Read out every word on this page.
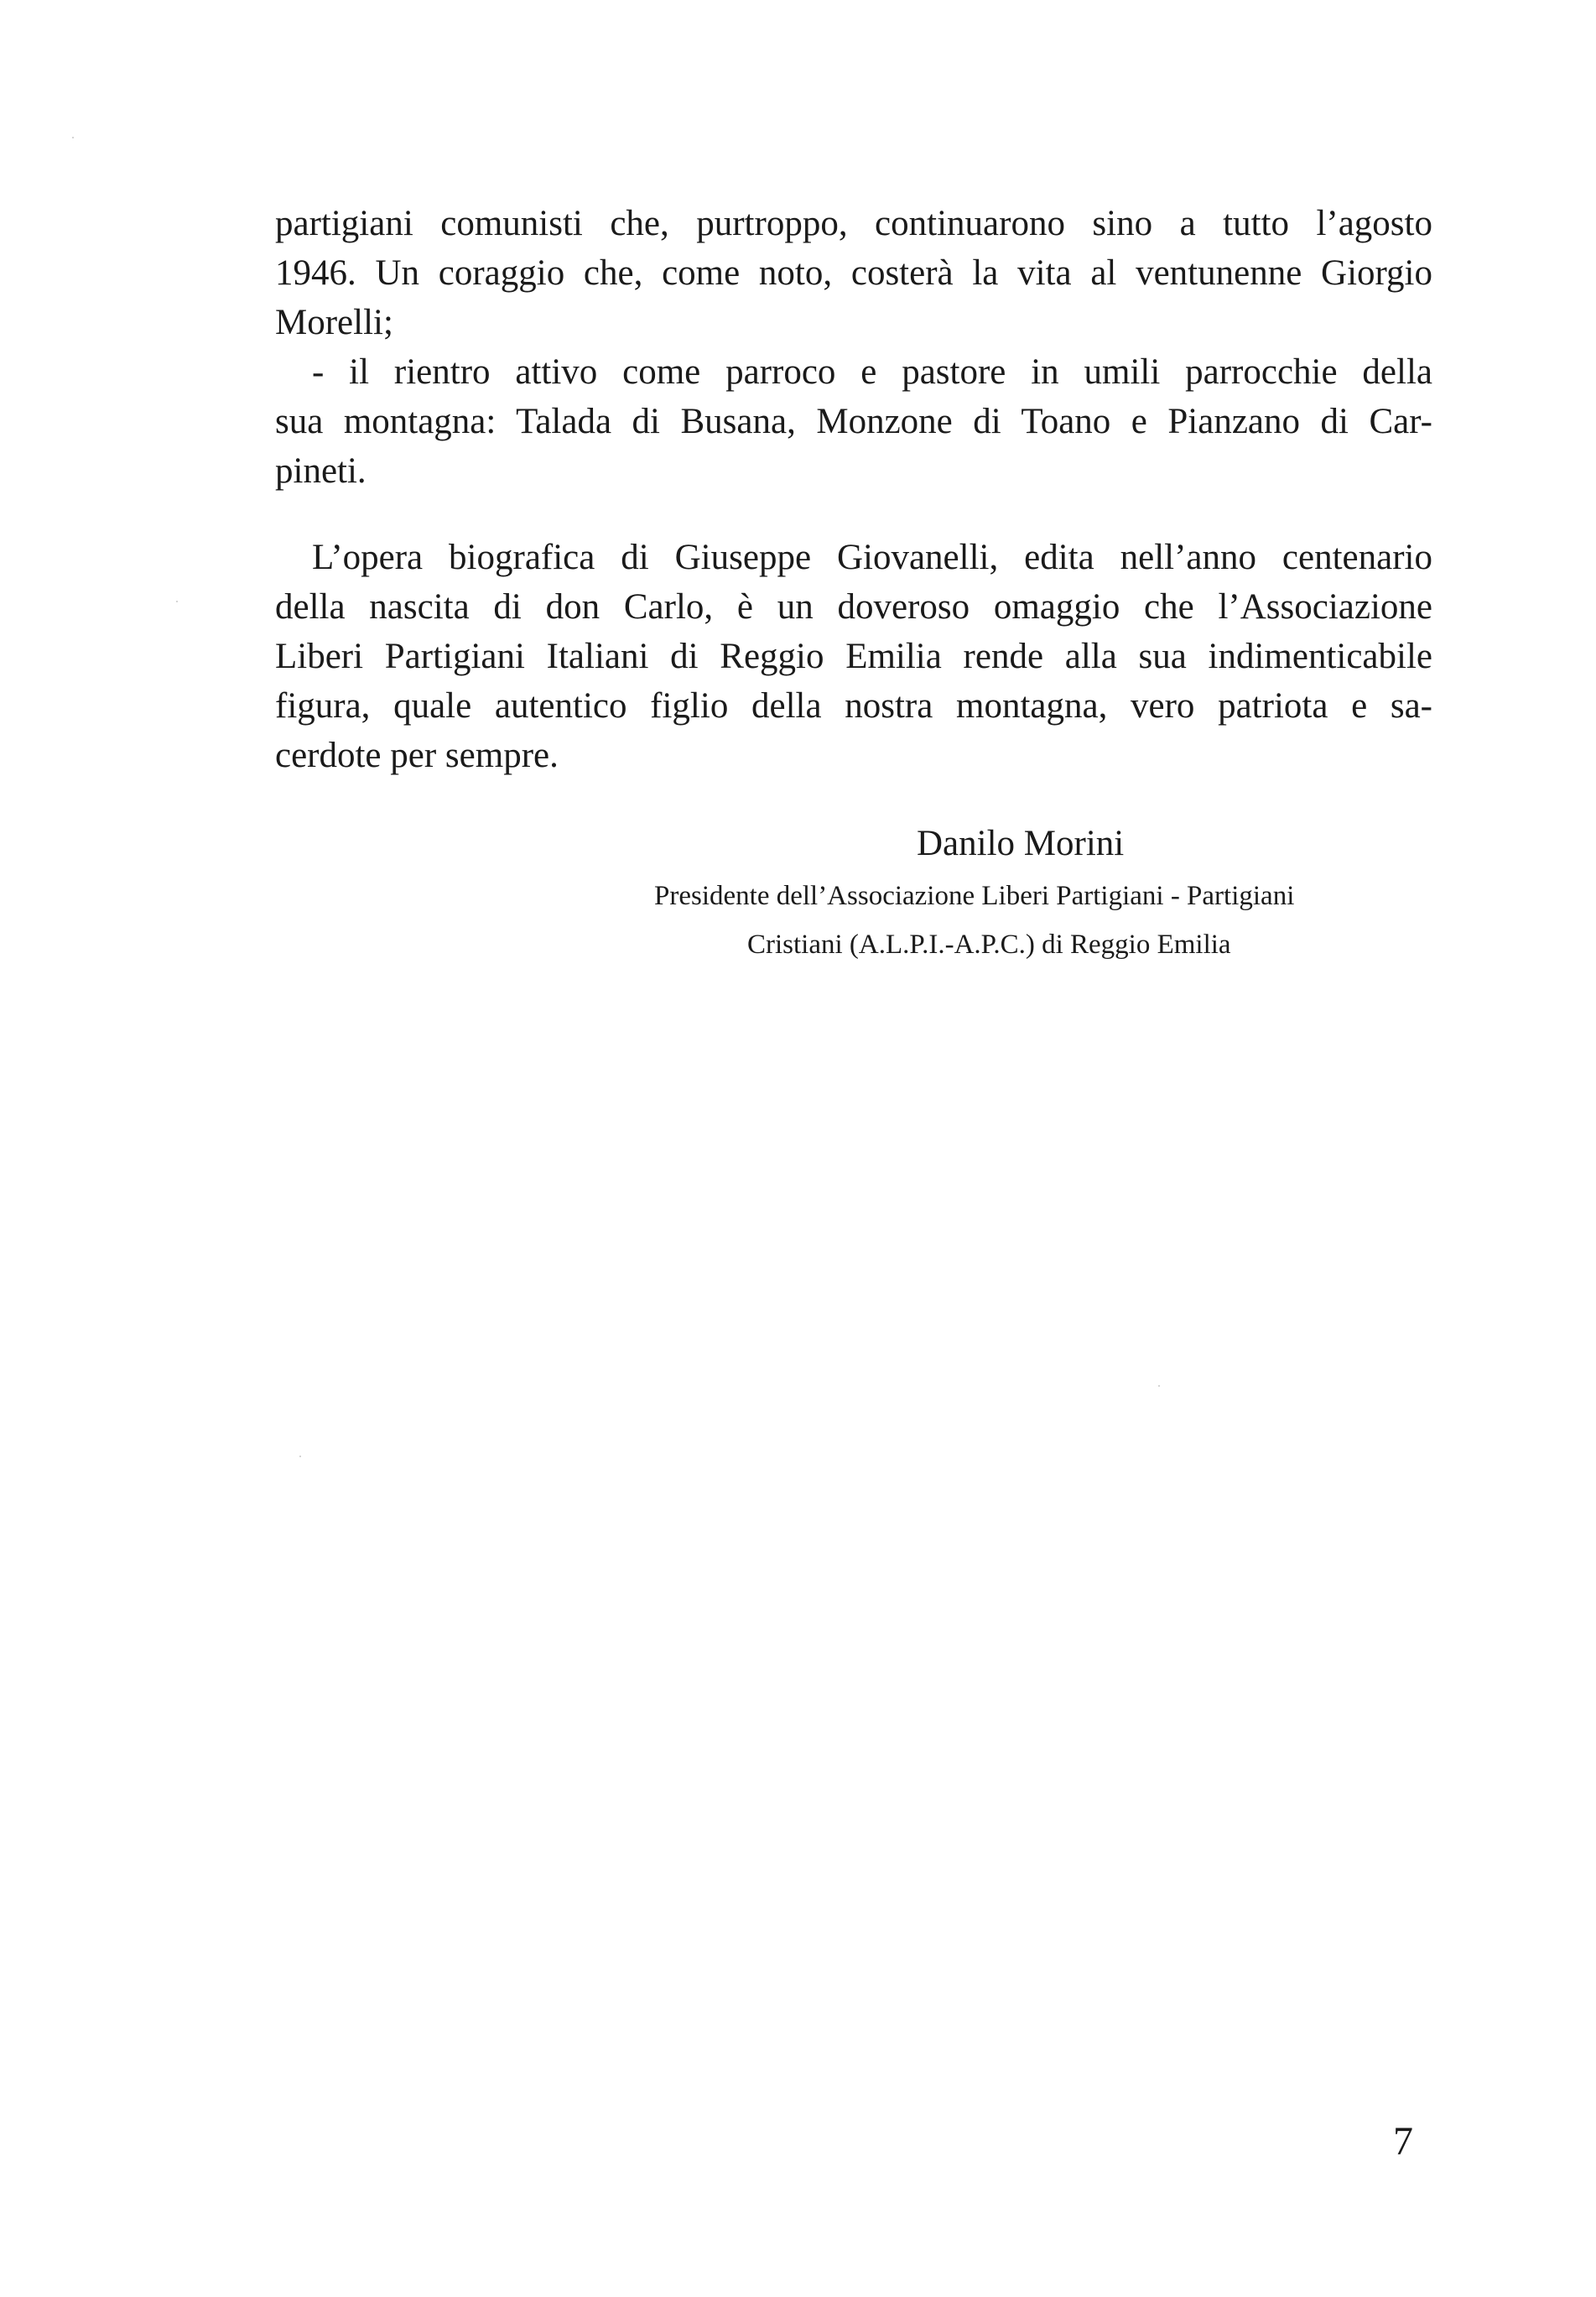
partigiani comunisti che, purtroppo, continuarono sino a tutto l’agosto
1946. Un coraggio che, come noto, costerà la vita al ventunenne Giorgio
Morelli;
- il rientro attivo come parroco e pastore in umili parrocchie della
sua montagna: Talada di Busana, Monzone di Toano e Pianzano di Car-
pineti.
L’opera biografica di Giuseppe Giovanelli, edita nell’anno centenario
della nascita di don Carlo, è un doveroso omaggio che l’Associazione
Liberi Partigiani Italiani di Reggio Emilia rende alla sua indimenticabile
figura, quale autentico figlio della nostra montagna, vero patriota e sa-
cerdote per sempre.
Danilo Morini
Presidente dell’Associazione Liberi Partigiani - Partigiani
Cristiani (A.L.P.I.-A.P.C.) di Reggio Emilia
7
